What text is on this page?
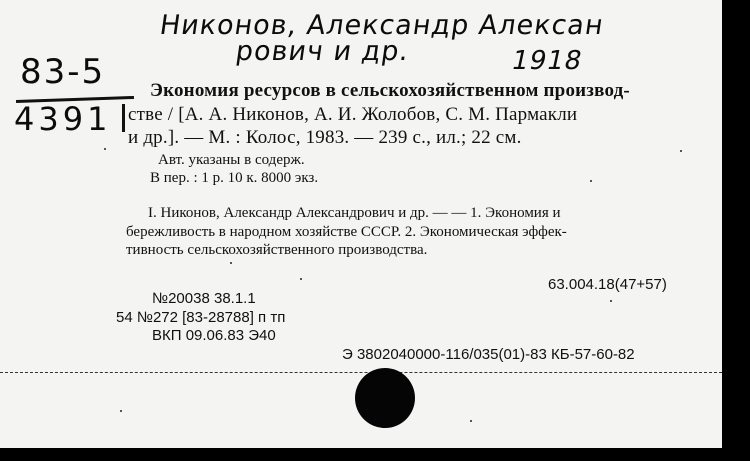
Никонов, Александр Алексан
рович и др.	1918
83-5
4391
Экономия ресурсов в сельскохозяйственном производ-
стве / [А. А. Никонов, А. И. Жолобов, С. М. Пармакли
и др.]. — М. : Колос, 1983. — 239 с., ил.; 22 см.
Авт. указаны в содерж.
В пер. : 1 р. 10 к. 8000 экз.
I. Никонов, Александр Александрович и др. — — 1. Экономия и
бережливость в народном хозяйстве СССР. 2. Экономическая эффек-
тивность сельскохозяйственного производства.
63.004.18(47+57)
№20038 38.1.1
54 №272 [83-28788] п тп
ВКП 09.06.83 Э40
Э 3802040000-116/035(01)-83 КБ-57-60-82
